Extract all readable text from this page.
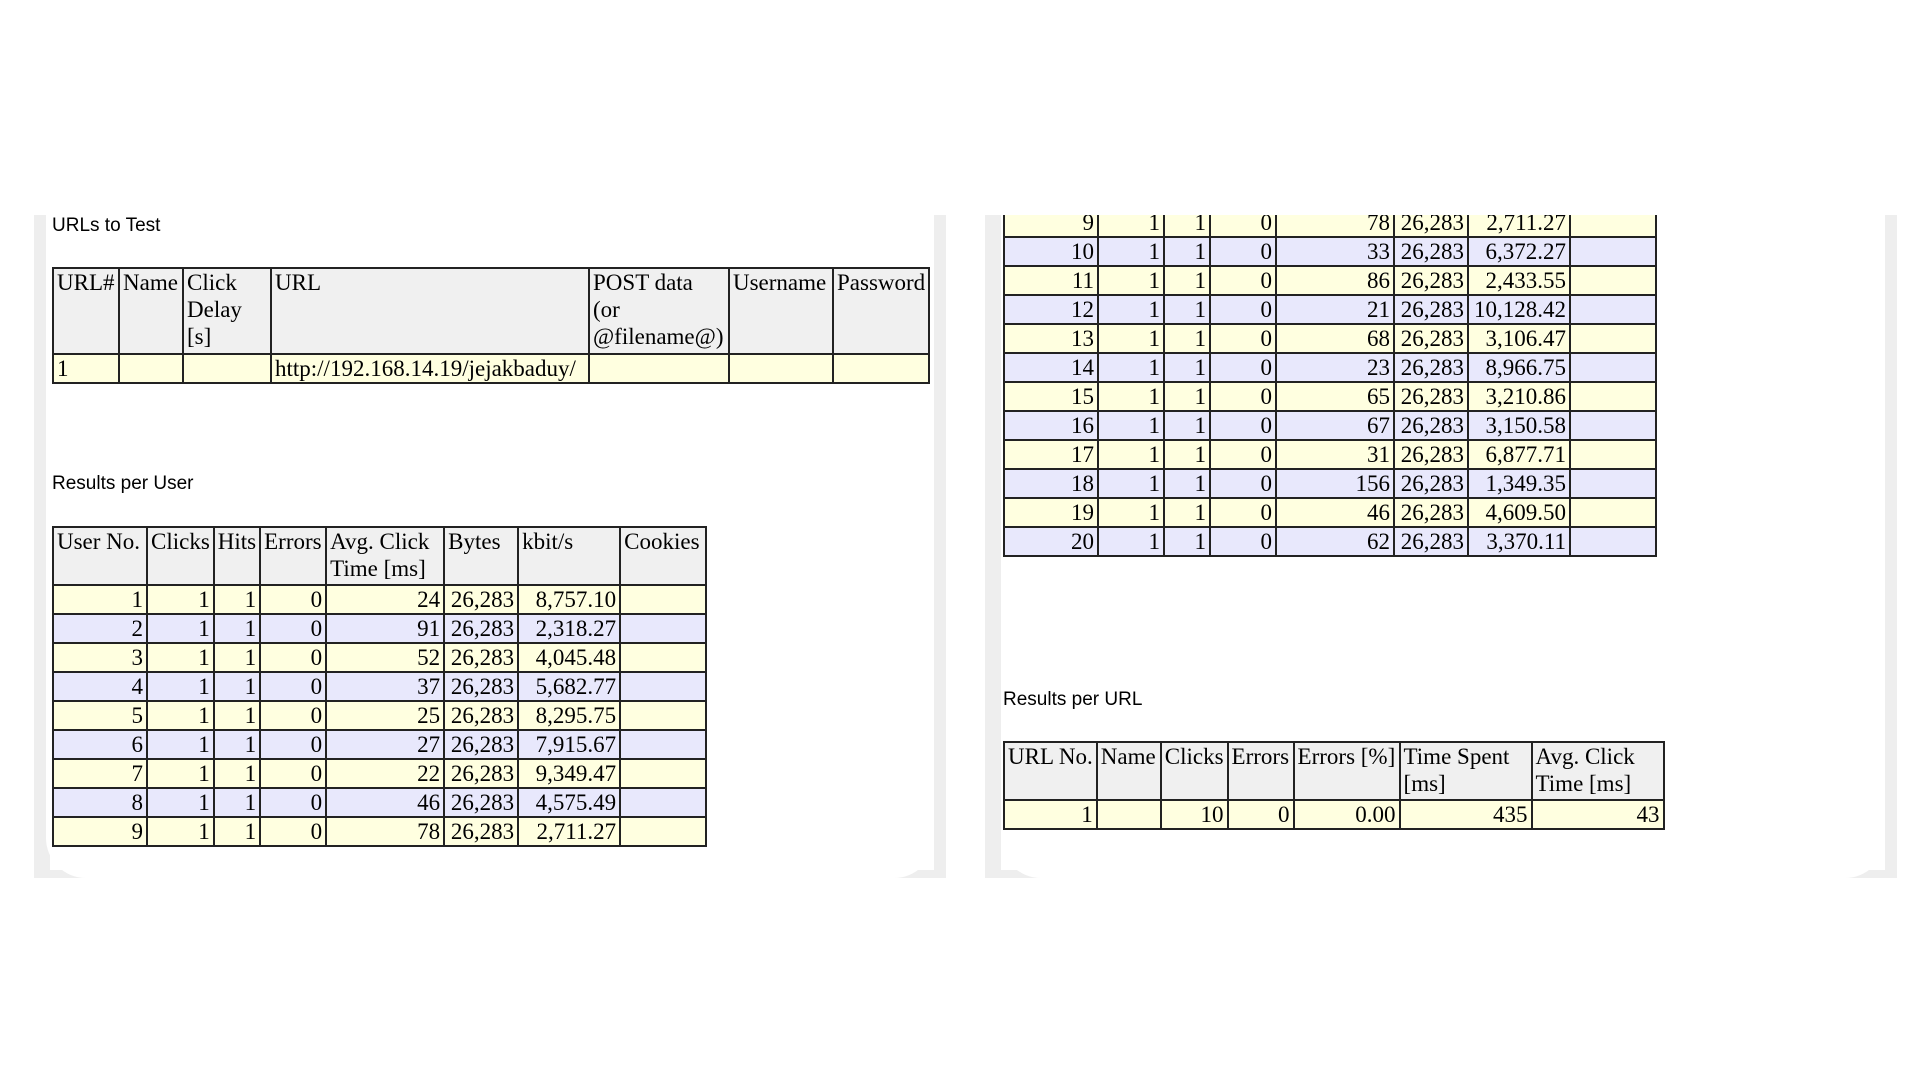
URLs to Test
URL#	Name	Click Delay [s]	URL	POST data (or @filename@)	Username	Password
1			http://192.168.14.19/jejakbaduy/			
Results per User
User No.	Clicks	Hits	Errors	Avg. Click Time [ms]	Bytes	kbit/s	Cookies
1	1	1	0	24	26,283	8,757.10	
2	1	1	0	91	26,283	2,318.27	
3	1	1	0	52	26,283	4,045.48	
4	1	1	0	37	26,283	5,682.77	
5	1	1	0	25	26,283	8,295.75	
6	1	1	0	27	26,283	7,915.67	
7	1	1	0	22	26,283	9,349.47	
8	1	1	0	46	26,283	4,575.49	
9	1	1	0	78	26,283	2,711.27	
9	1	1	0	78	26,283	2,711.27	
10	1	1	0	33	26,283	6,372.27	
11	1	1	0	86	26,283	2,433.55	
12	1	1	0	21	26,283	10,128.42	
13	1	1	0	68	26,283	3,106.47	
14	1	1	0	23	26,283	8,966.75	
15	1	1	0	65	26,283	3,210.86	
16	1	1	0	67	26,283	3,150.58	
17	1	1	0	31	26,283	6,877.71	
18	1	1	0	156	26,283	1,349.35	
19	1	1	0	46	26,283	4,609.50	
20	1	1	0	62	26,283	3,370.11	
Results per URL
URL No.	Name	Clicks	Errors	Errors [%]	Time Spent [ms]	Avg. Click Time [ms]
1		10	0	0.00	435	43
